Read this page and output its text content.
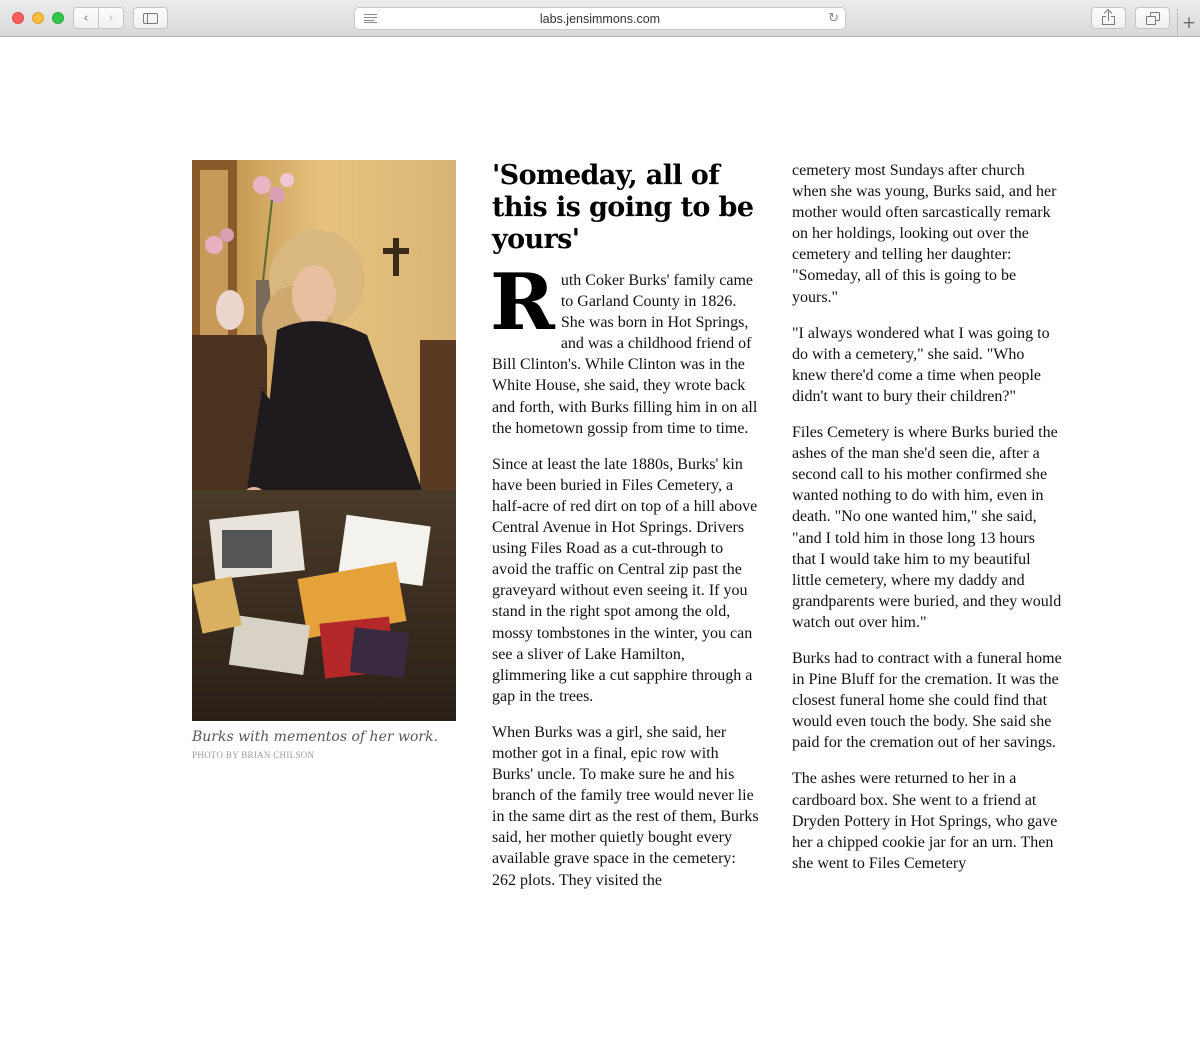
‹ ›	labs.jensimmons.com	↻	+
Burks with mementos of her work.
PHOTO BY BRIAN CHILSON
'Someday, all of this is going to be yours'

Ruth Coker Burks' family came to Garland County in 1826. She was born in Hot Springs, and was a childhood friend of Bill Clinton's. While Clinton was in the White House, she said, they wrote back and forth, with Burks filling him in on all the hometown gossip from time to time.

Since at least the late 1880s, Burks' kin have been buried in Files Cemetery, a half-acre of red dirt on top of a hill above Central Avenue in Hot Springs. Drivers using Files Road as a cut-through to avoid the traffic on Central zip past the graveyard without even seeing it. If you stand in the right spot among the old, mossy tombstones in the winter, you can see a sliver of Lake Hamilton, glimmering like a cut sapphire through a gap in the trees.

When Burks was a girl, she said, her mother got in a final, epic row with Burks' uncle. To make sure he and his branch of the family tree would never lie in the same dirt as the rest of them, Burks said, her mother quietly bought every available grave space in the cemetery: 262 plots. They visited the

cemetery most Sundays after church when she was young, Burks said, and her mother would often sarcastically remark on her holdings, looking out over the cemetery and telling her daughter: "Someday, all of this is going to be yours."

"I always wondered what I was going to do with a cemetery," she said. "Who knew there'd come a time when people didn't want to bury their children?"

Files Cemetery is where Burks buried the ashes of the man she'd seen die, after a second call to his mother confirmed she wanted nothing to do with him, even in death. "No one wanted him," she said, "and I told him in those long 13 hours that I would take him to my beautiful little cemetery, where my daddy and grandparents were buried, and they would watch out over him."

Burks had to contract with a funeral home in Pine Bluff for the cremation. It was the closest funeral home she could find that would even touch the body. She said she paid for the cremation out of her savings.

The ashes were returned to her in a cardboard box. She went to a friend at Dryden Pottery in Hot Springs, who gave her a chipped cookie jar for an urn. Then she went to Files Cemetery
